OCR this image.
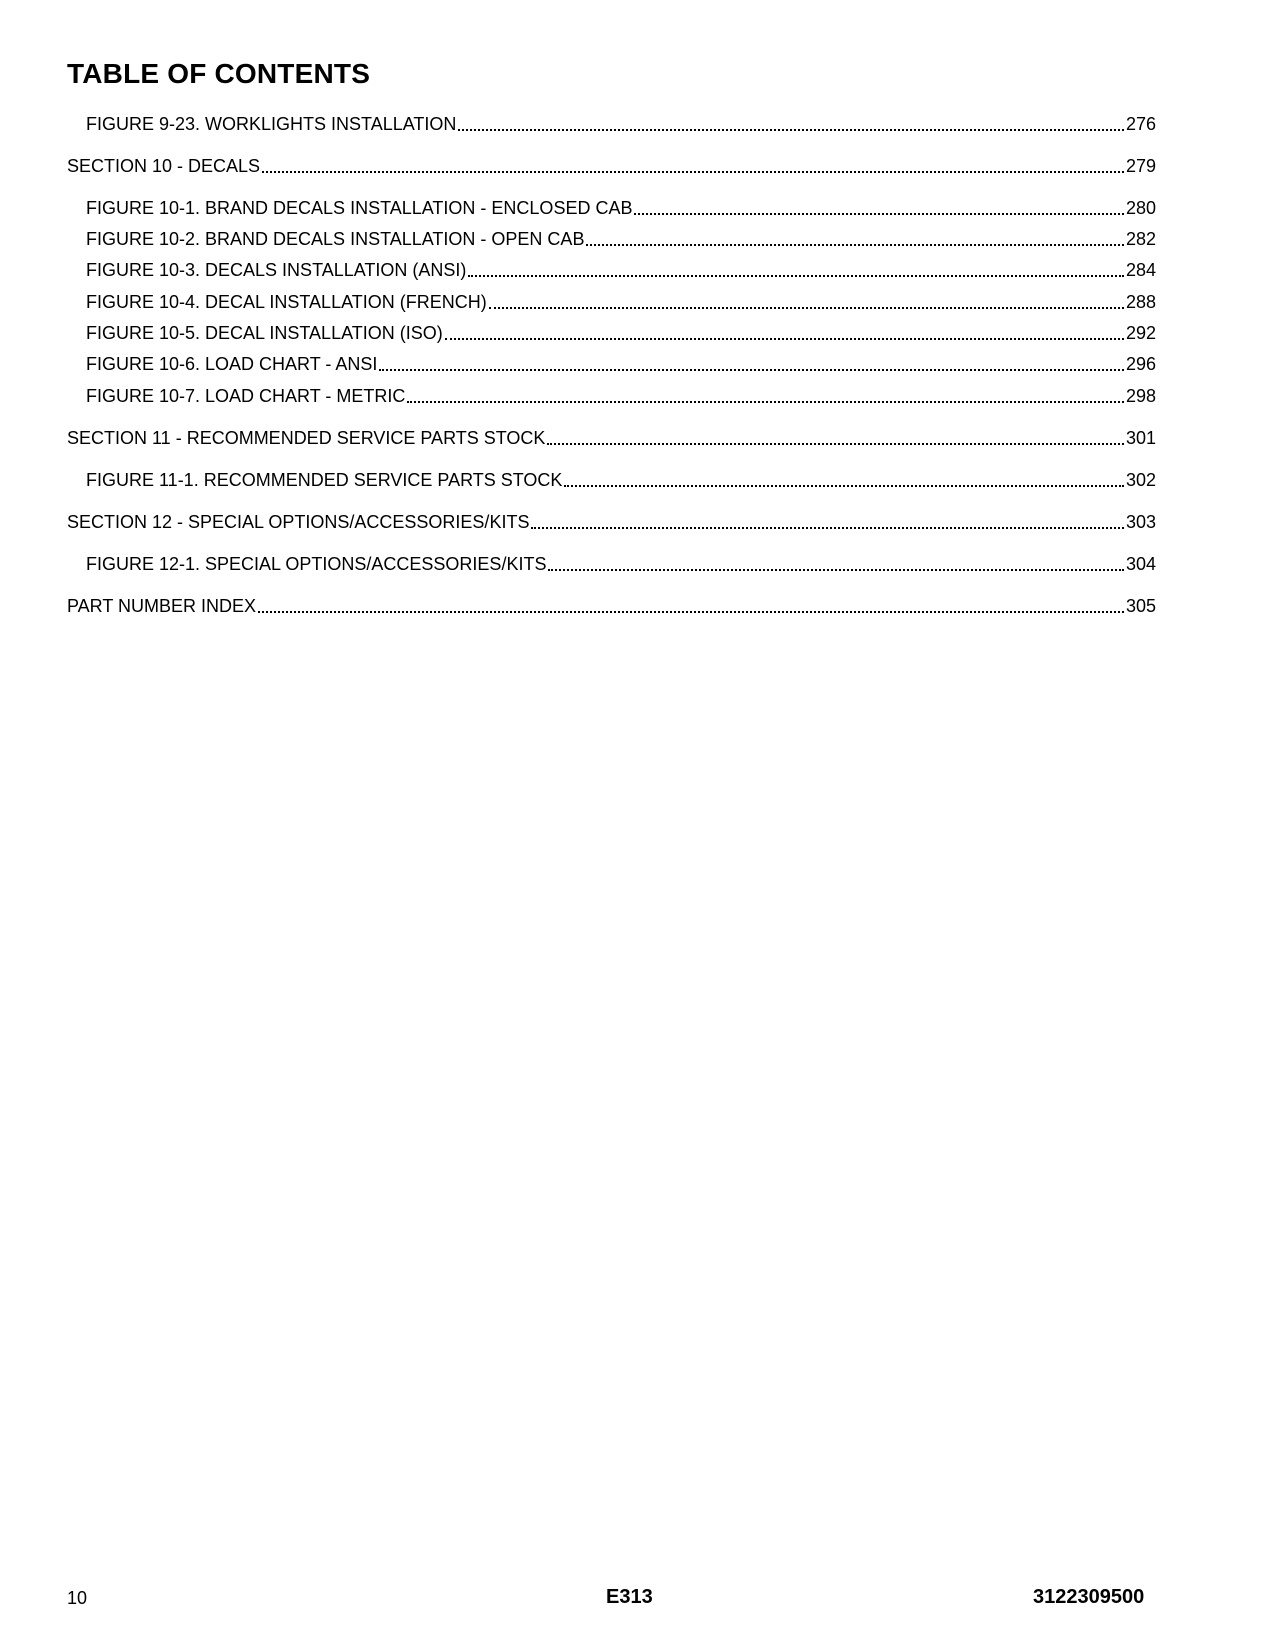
TABLE OF CONTENTS
FIGURE 9-23. WORKLIGHTS INSTALLATION	276
SECTION 10 - DECALS	279
FIGURE 10-1. BRAND DECALS INSTALLATION - ENCLOSED CAB	280
FIGURE 10-2. BRAND DECALS INSTALLATION - OPEN CAB	282
FIGURE 10-3. DECALS INSTALLATION (ANSI)	284
FIGURE 10-4. DECAL INSTALLATION (FRENCH)	288
FIGURE 10-5. DECAL INSTALLATION (ISO)	292
FIGURE 10-6. LOAD CHART - ANSI	296
FIGURE 10-7. LOAD CHART - METRIC	298
SECTION 11 - RECOMMENDED SERVICE PARTS STOCK	301
FIGURE 11-1. RECOMMENDED SERVICE PARTS STOCK	302
SECTION 12 - SPECIAL OPTIONS/ACCESSORIES/KITS	303
FIGURE 12-1. SPECIAL OPTIONS/ACCESSORIES/KITS	304
PART NUMBER INDEX	305
10	E313	3122309500
